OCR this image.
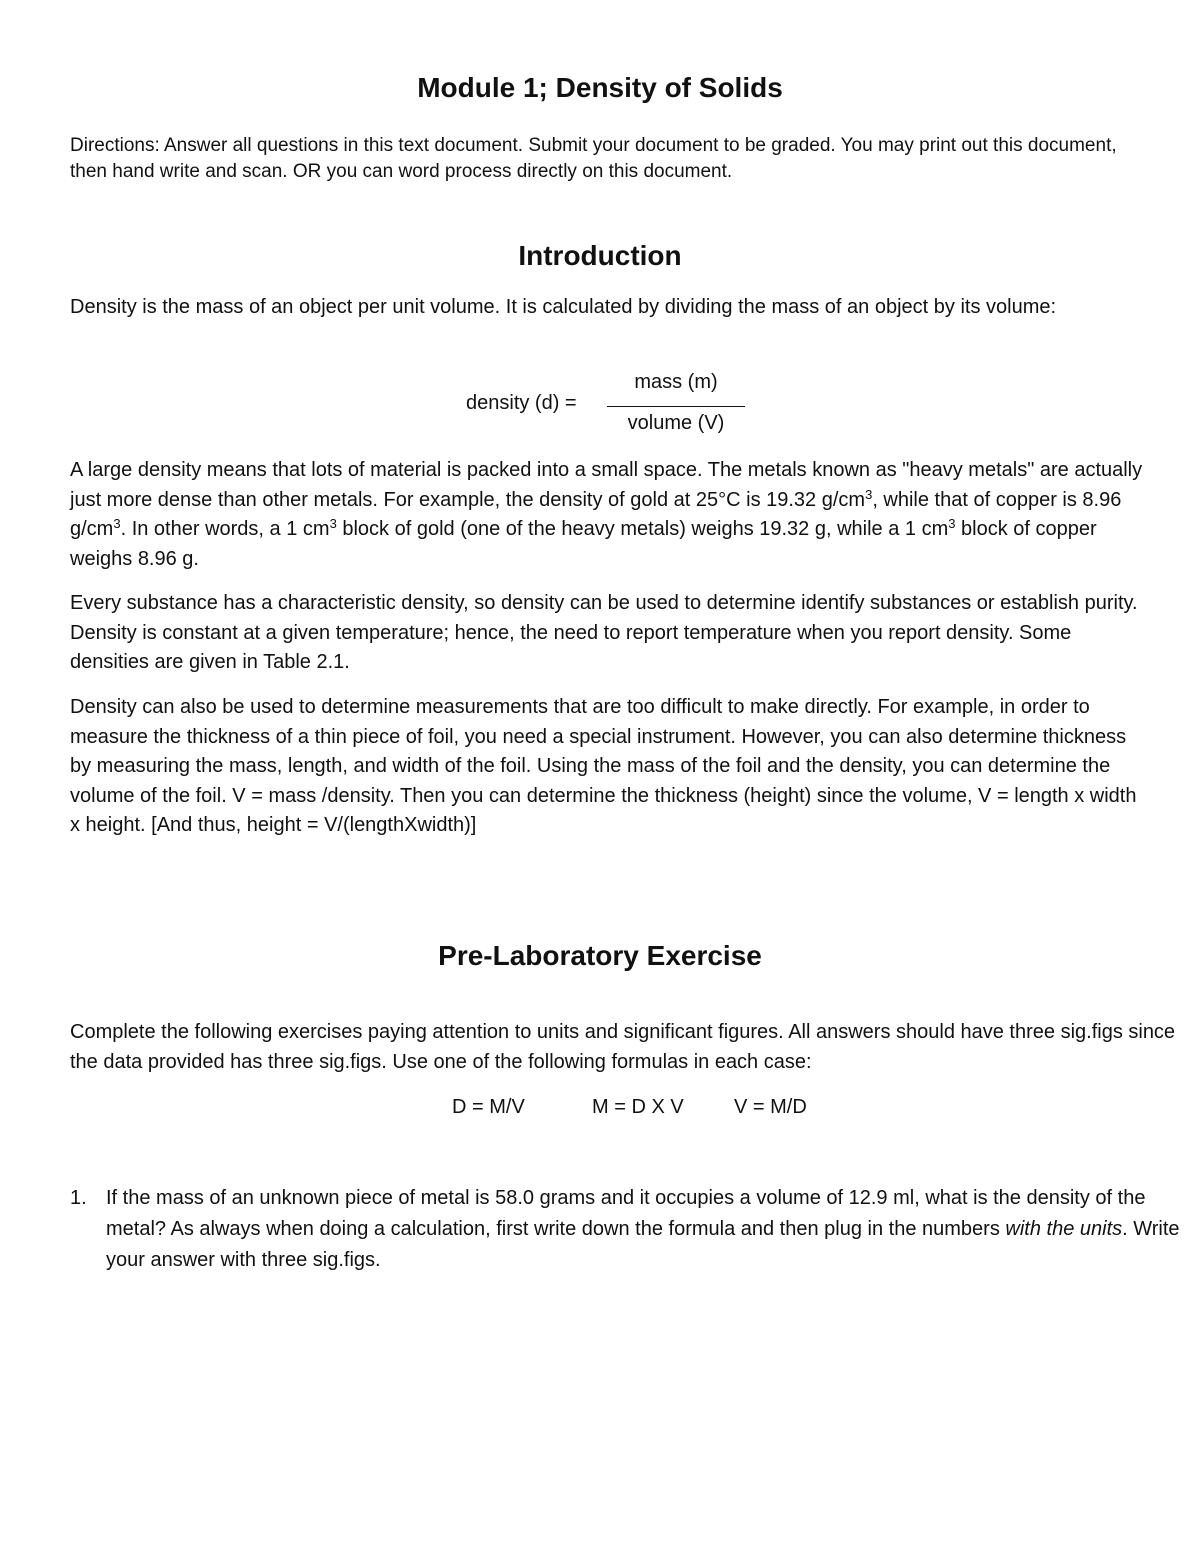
Module 1; Density of Solids

Directions: Answer all questions in this text document. Submit your document to be graded. You may print out this document, then hand write and scan. OR you can word process directly on this document.

Introduction

Density is the mass of an object per unit volume. It is calculated by dividing the mass of an object by its volume:

density (d) =
mass (m)
volume (V)

A large density means that lots of material is packed into a small space. The metals known as "heavy metals" are actually just more dense than other metals. For example, the density of gold at 25°C is 19.32 $g/cm^3$, while that of copper is 8.96 $g/cm^3$. In other words, a 1 $cm^3$ block of gold (one of the heavy metals) weighs 19.32 g, while a 1 $cm^3$ block of copper weighs 8.96 g.

Every substance has a characteristic density, so density can be used to determine identify substances or establish purity. Density is constant at a given temperature; hence, the need to report temperature when you report density. Some densities are given in Table 2.1.

Density can also be used to determine measurements that are too difficult to make directly. For example, in order to measure the thickness of a thin piece of foil, you need a special instrument. However, you can also determine thickness by measuring the mass, length, and width of the foil. Using the mass of the foil and the density, you can determine the volume of the foil. V = mass /density. Then you can determine the thickness (height) since the volume, V = length x width x height. [And thus, height = V/(lengthXwidth)]

Pre-Laboratory Exercise

Complete the following exercises paying attention to units and significant figures. All answers should have three sig.figs since the data provided has three sig.figs. Use one of the following formulas in each case:

D = M/V	M = D X V	V = M/D
1. If the mass of an unknown piece of metal is 58.0 grams and it occupies a volume of 12.9 ml, what is the density of the metal? As always when doing a calculation, first write down the formula and then plug in the numbers with the units. Write your answer with three sig.figs.
